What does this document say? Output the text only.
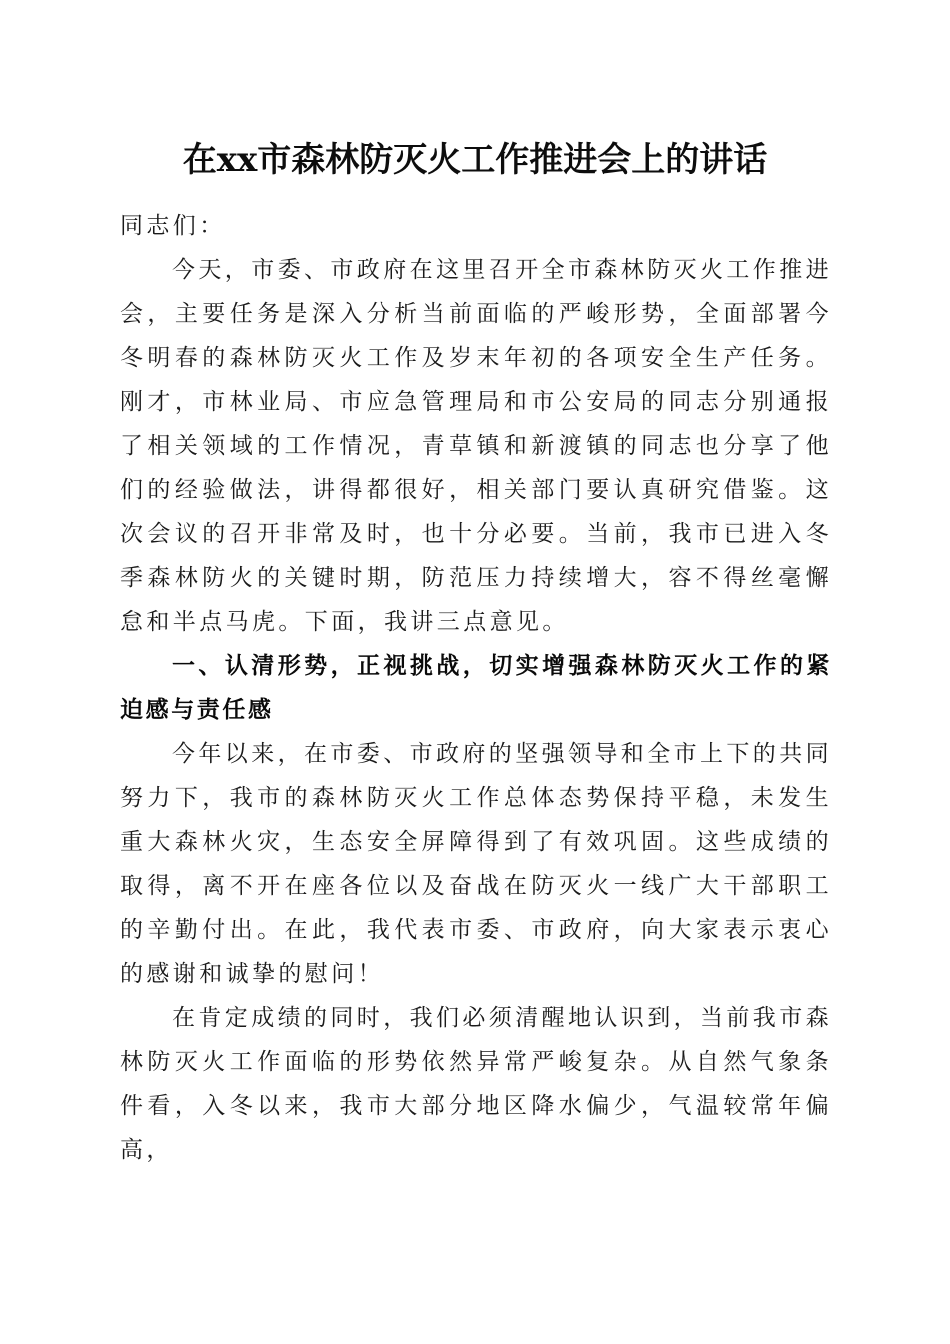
在xx市森林防灭火工作推进会上的讲话

同志们：

今天，市委、市政府在这里召开全市森林防灭火工作推进会，主要任务是深入分析当前面临的严峻形势，全面部署今冬明春的森林防灭火工作及岁末年初的各项安全生产任务。刚才，市林业局、市应急管理局和市公安局的同志分别通报了相关领域的工作情况，青草镇和新渡镇的同志也分享了他们的经验做法，讲得都很好，相关部门要认真研究借鉴。这次会议的召开非常及时，也十分必要。当前，我市已进入冬季森林防火的关键时期，防范压力持续增大，容不得丝毫懈怠和半点马虎。下面，我讲三点意见。

一、认清形势，正视挑战，切实增强森林防灭火工作的紧迫感与责任感

今年以来，在市委、市政府的坚强领导和全市上下的共同努力下，我市的森林防灭火工作总体态势保持平稳，未发生重大森林火灾，生态安全屏障得到了有效巩固。这些成绩的取得，离不开在座各位以及奋战在防灭火一线广大干部职工的辛勤付出。在此，我代表市委、市政府，向大家表示衷心的感谢和诚挚的慰问！

在肯定成绩的同时，我们必须清醒地认识到，当前我市森林防灭火工作面临的形势依然异常严峻复杂。从自然气象条件看，入冬以来，我市大部分地区降水偏少，气温较常年偏高，
